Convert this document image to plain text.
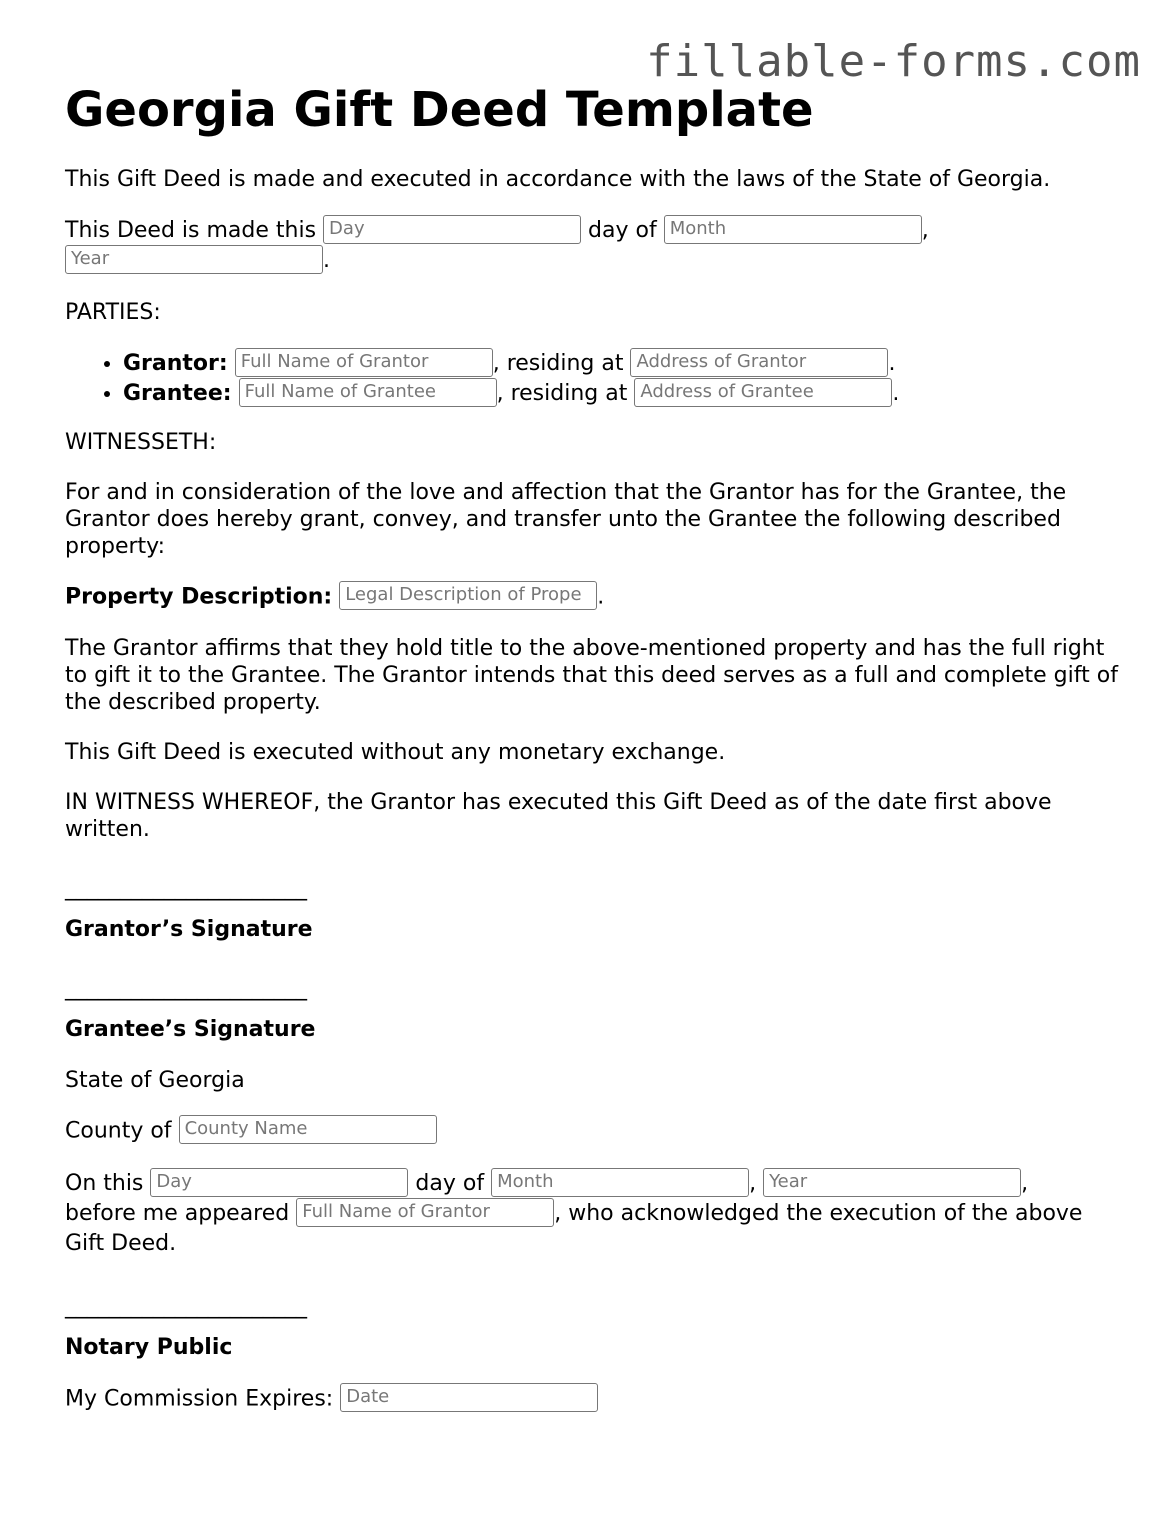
fillable-forms.com
Georgia Gift Deed Template

This Gift Deed is made and executed in accordance with the laws of the State of Georgia.

This Deed is made this Day	day of Month	,
Year	.

PARTIES:

• Grantor: Full Name of Grantor	, residing at Address of Grantor	.
• Grantee: Full Name of Grantee	, residing at Address of Grantee	.

WITNESSETH:

For and in consideration of the love and affection that the Grantor has for the Grantee, the Grantor does hereby grant, convey, and transfer unto the Grantee the following described property:

Property Description: Legal Description of Prope .

The Grantor affirms that they hold title to the above-mentioned property and has the full right to gift it to the Grantee. The Grantor intends that this deed serves as a full and complete gift of the described property.

This Gift Deed is executed without any monetary exchange.

IN WITNESS WHEREOF, the Grantor has executed this Gift Deed as of the date first above written.

______________________
Grantor’s Signature
______________________
Grantee’s Signature

State of Georgia

County of County Name

On this Day	day of Month	, Year	,
before me appeared Full Name of Grantor	, who acknowledged the execution of the above Gift Deed.

______________________
Notary Public

My Commission Expires: Date
